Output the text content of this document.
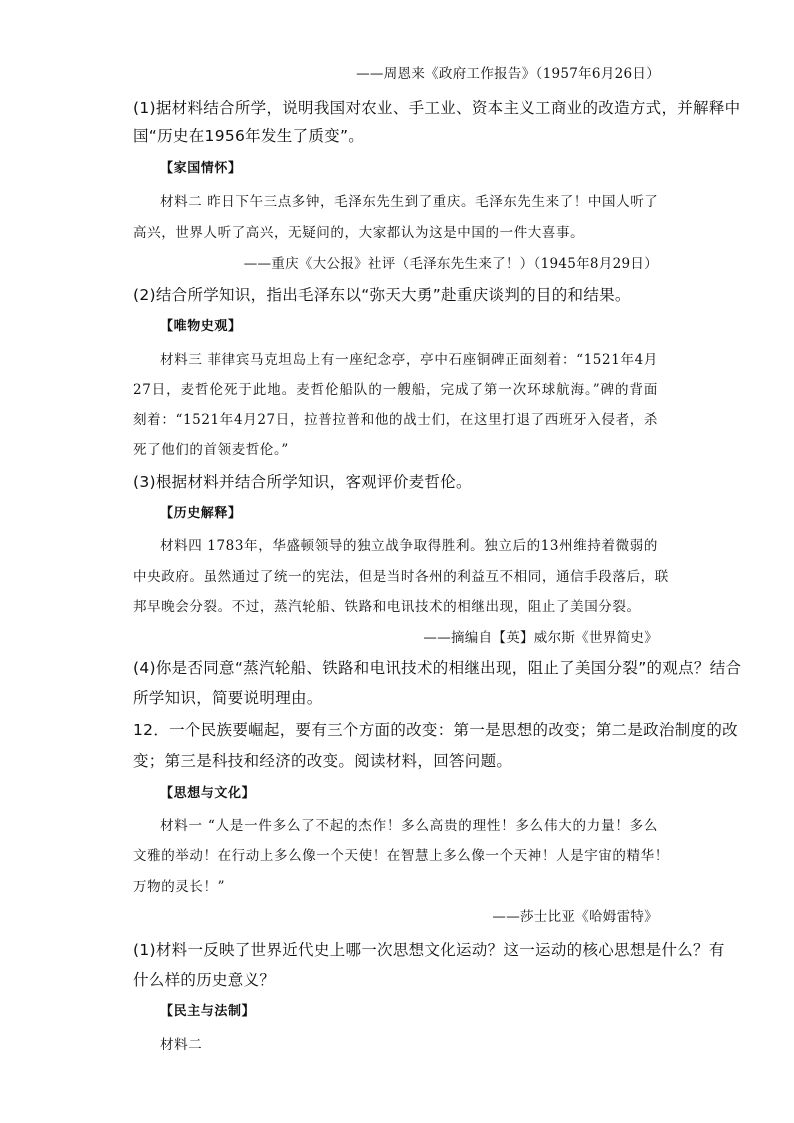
——周恩来《政府工作报告》（1957年6月26日）
(1)据材料结合所学，说明我国对农业、手工业、资本主义工商业的改造方式，并解释中
国“历史在1956年发生了质变”。
【家国情怀】
材料二 昨日下午三点多钟，毛泽东先生到了重庆。毛泽东先生来了！中国人听了
高兴，世界人听了高兴，无疑问的，大家都认为这是中国的一件大喜事。
——重庆《大公报》社评（毛泽东先生来了！）（1945年8月29日）
(2)结合所学知识，指出毛泽东以“弥天大勇”赴重庆谈判的目的和结果。
【唯物史观】
材料三 菲律宾马克坦岛上有一座纪念亭，亭中石座铜碑正面刻着：“1521年4月
27日，麦哲伦死于此地。麦哲伦船队的一艘船，完成了第一次环球航海。”碑的背面
刻着：“1521年4月27日，拉普拉普和他的战士们，在这里打退了西班牙入侵者，杀
死了他们的首领麦哲伦。”
(3)根据材料并结合所学知识，客观评价麦哲伦。
【历史解释】
材料四 1783年，华盛顿领导的独立战争取得胜利。独立后的13州维持着微弱的
中央政府。虽然通过了统一的宪法，但是当时各州的利益互不相同，通信手段落后，联
邦早晚会分裂。不过，蒸汽轮船、铁路和电讯技术的相继出现，阻止了美国分裂。
——摘编自【英】威尔斯《世界简史》
(4)你是否同意“蒸汽轮船、铁路和电讯技术的相继出现，阻止了美国分裂”的观点？结合
所学知识，简要说明理由。
12．一个民族要崛起，要有三个方面的改变：第一是思想的改变；第二是政治制度的改
变；第三是科技和经济的改变。阅读材料，回答问题。
【思想与文化】
材料一 “人是一件多么了不起的杰作！多么高贵的理性！多么伟大的力量！多么
文雅的举动！在行动上多么像一个天使！在智慧上多么像一个天神！人是宇宙的精华！
万物的灵长！”
——莎士比亚《哈姆雷特》
(1)材料一反映了世界近代史上哪一次思想文化运动？这一运动的核心思想是什么？有
什么样的历史意义？
【民主与法制】
材料二
